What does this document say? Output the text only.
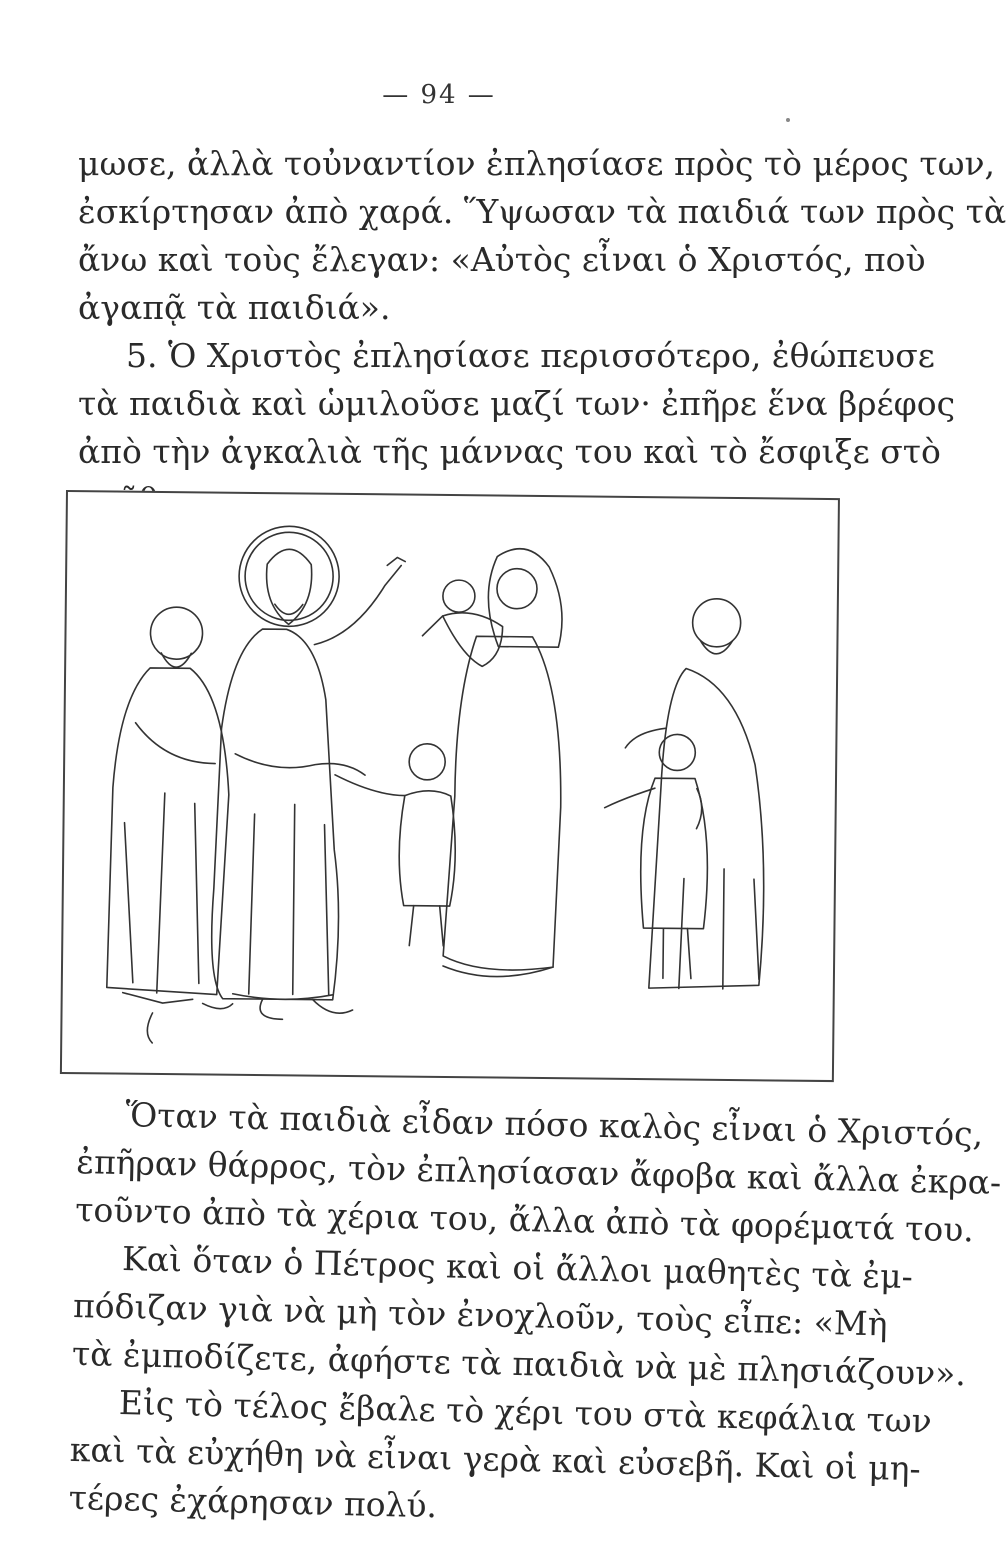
— 94 —
μωσε, ἀλλὰ τοὐναντίον ἐπλησίασε πρὸς τὸ μέρος των,
ἐσκίρτησαν ἀπὸ χαρά. Ὕψωσαν τὰ παιδιά των πρὸς τὰ
ἄνω καὶ τοὺς ἔλεγαν: «Αὐτὸς εἶναι ὁ Χριστός, ποὺ
ἀγαπᾷ τὰ παιδιά».
5. Ὁ Χριστὸς ἐπλησίασε περισσότερο, ἐθώπευσε
τὰ παιδιὰ καὶ ὡμιλοῦσε μαζί των· ἐπῆρε ἕνα βρέφος
ἀπὸ τὴν ἀγκαλιὰ τῆς μάννας του καὶ τὸ ἔσφιξε στὸ
Ὅταν τὰ παιδιὰ εἶδαν πόσο καλὸς εἶναι ὁ Χριστός,
ἐπῆραν θάρρος, τὸν ἐπλησίασαν ἄφοβα καὶ ἄλλα ἐκρα-
τοῦντο ἀπὸ τὰ χέρια του, ἄλλα ἀπὸ τὰ φορέματά του.
Καὶ ὅταν ὁ Πέτρος καὶ οἱ ἄλλοι μαθητὲς τὰ ἐμ-
πόδιζαν γιὰ νὰ μὴ τὸν ἐνοχλοῦν, τοὺς εἶπε: «Μὴ
τὰ ἐμποδίζετε, ἀφήστε τὰ παιδιὰ νὰ μὲ πλησιάζουν».
Εἰς τὸ τέλος ἔβαλε τὸ χέρι του στὰ κεφάλια των
καὶ τὰ εὐχήθη νὰ εἶναι γερὰ καὶ εὐσεβῆ. Καὶ οἱ μη-
τέρες ἐχάρησαν πολύ.
